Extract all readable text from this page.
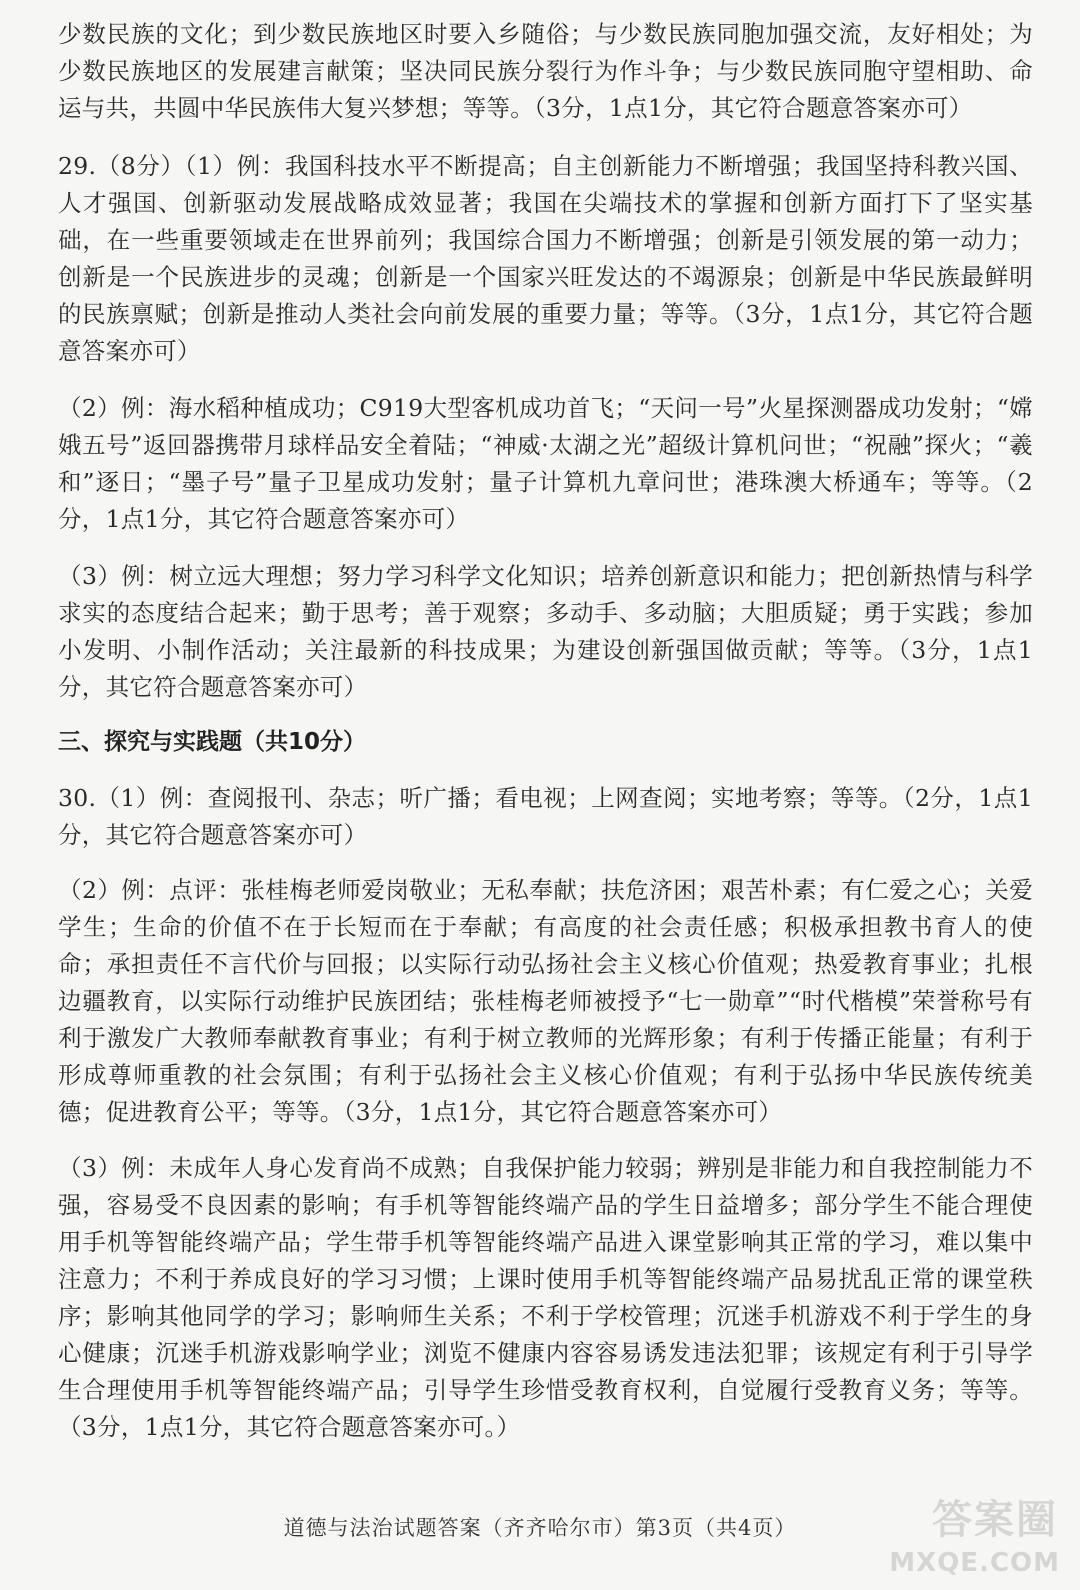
少数民族的文化；到少数民族地区时要入乡随俗；与少数民族同胞加强交流，友好相处；为少数民族地区的发展建言献策；坚决同民族分裂行为作斗争；与少数民族同胞守望相助、命运与共，共圆中华民族伟大复兴梦想；等等。（3分，1点1分，其它符合题意答案亦可）
29.（8分）（1）例：我国科技水平不断提高；自主创新能力不断增强；我国坚持科教兴国、人才强国、创新驱动发展战略成效显著；我国在尖端技术的掌握和创新方面打下了坚实基础，在一些重要领域走在世界前列；我国综合国力不断增强；创新是引领发展的第一动力；创新是一个民族进步的灵魂；创新是一个国家兴旺发达的不竭源泉；创新是中华民族最鲜明的民族禀赋；创新是推动人类社会向前发展的重要力量；等等。（3分，1点1分，其它符合题意答案亦可）
（2）例：海水稻种植成功；C919大型客机成功首飞；“天问一号”火星探测器成功发射；“嫦娥五号”返回器携带月球样品安全着陆；“神威·太湖之光”超级计算机问世；“祝融”探火；“羲和”逐日；“墨子号”量子卫星成功发射；量子计算机九章问世；港珠澳大桥通车；等等。（2分，1点1分，其它符合题意答案亦可）
（3）例：树立远大理想；努力学习科学文化知识；培养创新意识和能力；把创新热情与科学求实的态度结合起来；勤于思考；善于观察；多动手、多动脑；大胆质疑；勇于实践；参加小发明、小制作活动；关注最新的科技成果；为建设创新强国做贡献；等等。（3分，1点1分，其它符合题意答案亦可）
三、探究与实践题（共10分）
30.（1）例：查阅报刊、杂志；听广播；看电视；上网查阅；实地考察；等等。（2分，1点1分，其它符合题意答案亦可）
（2）例：点评：张桂梅老师爱岗敬业；无私奉献；扶危济困；艰苦朴素；有仁爱之心；关爱学生；生命的价值不在于长短而在于奉献；有高度的社会责任感；积极承担教书育人的使命；承担责任不言代价与回报；以实际行动弘扬社会主义核心价值观；热爱教育事业；扎根边疆教育，以实际行动维护民族团结；张桂梅老师被授予“七一勋章”“时代楷模”荣誉称号有利于激发广大教师奉献教育事业；有利于树立教师的光辉形象；有利于传播正能量；有利于形成尊师重教的社会氛围；有利于弘扬社会主义核心价值观；有利于弘扬中华民族传统美德；促进教育公平；等等。（3分，1点1分，其它符合题意答案亦可）
（3）例：未成年人身心发育尚不成熟；自我保护能力较弱；辨别是非能力和自我控制能力不强，容易受不良因素的影响；有手机等智能终端产品的学生日益增多；部分学生不能合理使用手机等智能终端产品；学生带手机等智能终端产品进入课堂影响其正常的学习，难以集中注意力；不利于养成良好的学习习惯；上课时使用手机等智能终端产品易扰乱正常的课堂秩序；影响其他同学的学习；影响师生关系；不利于学校管理；沉迷手机游戏不利于学生的身心健康；沉迷手机游戏影响学业；浏览不健康内容容易诱发违法犯罪；该规定有利于引导学生合理使用手机等智能终端产品；引导学生珍惜受教育权利，自觉履行受教育义务；等等。（3分，1点1分，其它符合题意答案亦可。）
道德与法治试题答案（齐齐哈尔市）第3页（共4页）	答案圈
MXQE.COM
